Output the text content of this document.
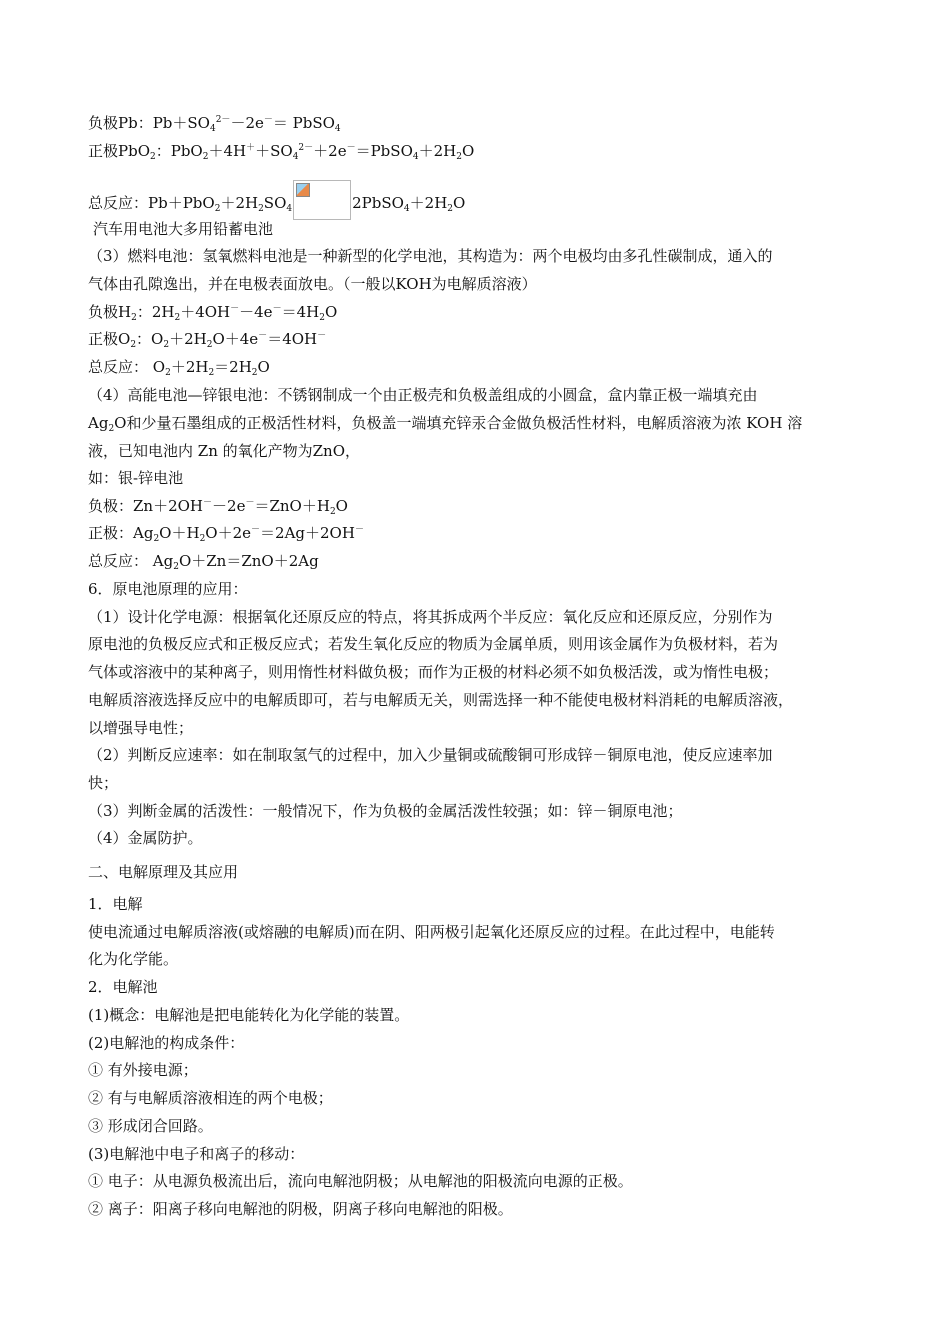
负极Pb：$Pb+SO_4^{2-}-2e^-=$ PbSO$_4$
正极PbO$_2$：$PbO_2+4H^++SO_4^{2-}+2e^-=PbSO_4+2H_2O$
总反应：$Pb+PbO_2+2H_2SO_4$	$2PbSO_4+2H_2O$
汽车用电池大多用铅蓄电池
（3）燃料电池：氢氧燃料电池是一种新型的化学电池，其构造为：两个电极均由多孔性碳制成，通入的
气体由孔隙逸出，并在电极表面放电。（一般以KOH为电解质溶液）
负极$H_2$：$2H_2+4OH^--4e^-=4H_2O$
正极$O_2$：$O_2+2H_2O+4e^-=4OH^-$
总反应： $O_2+2H_2=2H_2O$
（4）高能电池—锌银电池：不锈钢制成一个由正极壳和负极盖组成的小圆盒，盒内靠正极一端填充由
$Ag_2O$和少量石墨组成的正极活性材料，负极盖一端填充锌汞合金做负极活性材料，电解质溶液为浓 KOH 溶
液，已知电池内 Zn 的氧化产物为ZnO，
如：银-锌电池
负极：$Zn+2OH^--2e^-=ZnO+H_2O$
正极：$Ag_2O+H_2O+2e^-=2Ag+2OH^-$
总反应： $Ag_2O+Zn=ZnO+2Ag$
6．原电池原理的应用：
（1）设计化学电源：根据氧化还原反应的特点，将其拆成两个半反应：氧化反应和还原反应，分别作为
原电池的负极反应式和正极反应式；若发生氧化反应的物质为金属单质，则用该金属作为负极材料，若为
气体或溶液中的某种离子，则用惰性材料做负极；而作为正极的材料必须不如负极活泼，或为惰性电极；
电解质溶液选择反应中的电解质即可，若与电解质无关，则需选择一种不能使电极材料消耗的电解质溶液，
以增强导电性；
（2）判断反应速率：如在制取氢气的过程中，加入少量铜或硫酸铜可形成锌－铜原电池，使反应速率加
快；
（3）判断金属的活泼性：一般情况下，作为负极的金属活泼性较强；如：锌－铜原电池；
（4）金属防护。
二、电解原理及其应用
1．电解
使电流通过电解质溶液(或熔融的电解质)而在阴、阳两极引起氧化还原反应的过程。在此过程中，电能转
化为化学能。
2．电解池
(1)概念：电解池是把电能转化为化学能的装置。
(2)电解池的构成条件：
① 有外接电源；
② 有与电解质溶液相连的两个电极；
③ 形成闭合回路。
(3)电解池中电子和离子的移动：
① 电子：从电源负极流出后，流向电解池阴极；从电解池的阳极流向电源的正极。
② 离子：阳离子移向电解池的阴极，阴离子移向电解池的阳极。
